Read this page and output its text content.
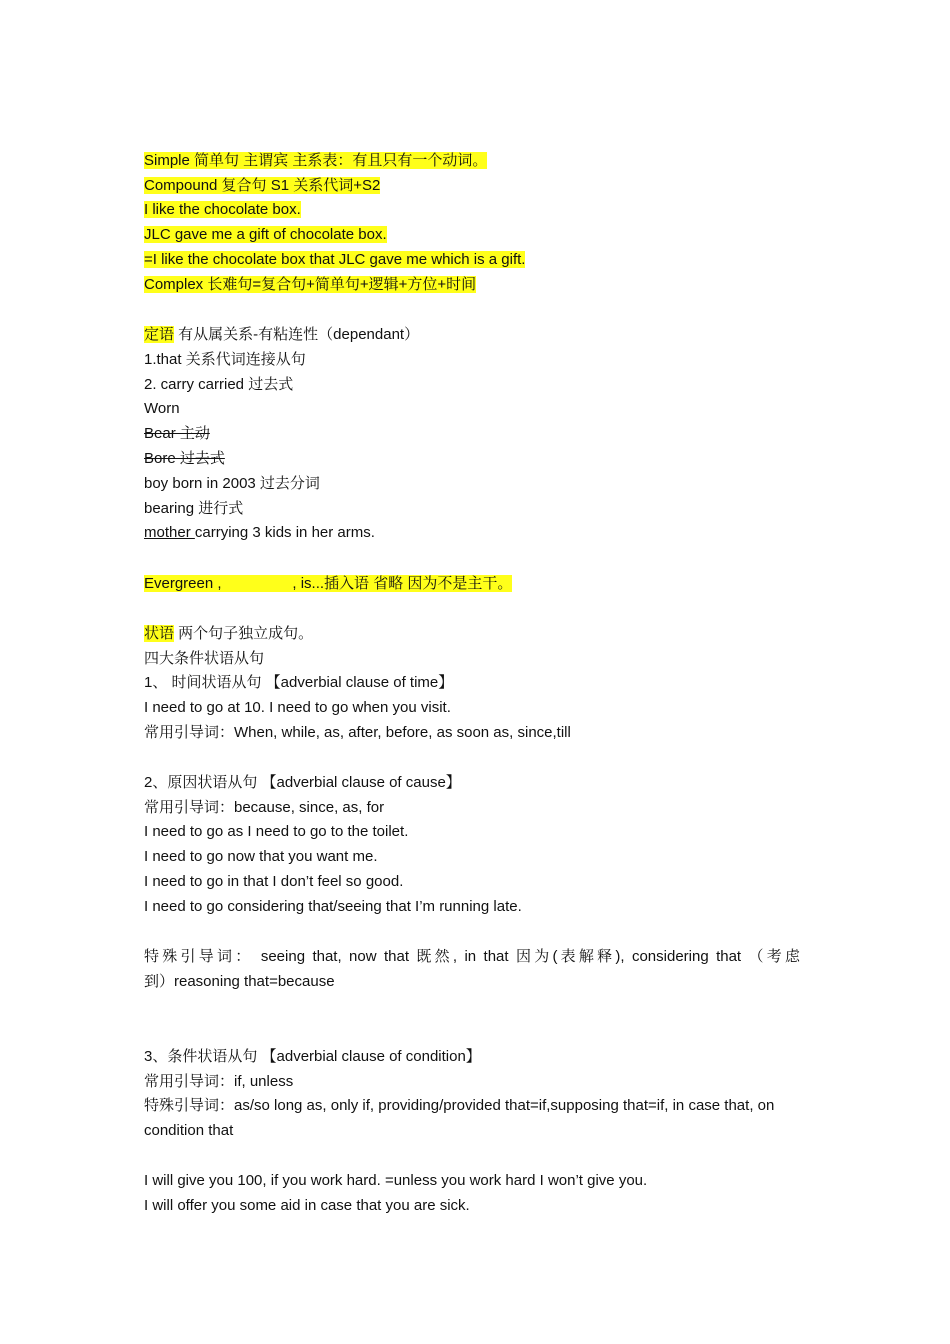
Simple 简单句 主谓宾 主系表：有且只有一个动词。
Compound 复合句 S1 关系代词+S2
I like the chocolate box.
JLC gave me a gift of chocolate box.
=I like the chocolate box that JLC gave me which is a gift.
Complex 长难句=复合句+简单句+逻辑+方位+时间
定语 有从属关系-有粘连性（dependant）
1.that 关系代词连接从句
2. carry carried 过去式
Worn
Bear 主动
Bore 过去式
boy born in 2003 过去分词
bearing 进行式
mother carrying 3 kids in her arms.
Evergreen ,                 , is...插入语 省略 因为不是主干。
状语 两个句子独立成句。
四大条件状语从句
1、 时间状语从句 【adverbial clause of time】
I need to go at 10. I need to go when you visit.
常用引导词：When, while, as, after, before, as soon as, since,till
2、原因状语从句 【adverbial clause of cause】
常用引导词：because, since, as, for
I need to go as I need to go to the toilet.
I need to go now that you want me.
I need to go in that I don’t feel so good.
I need to go considering that/seeing that I’m running late.
特殊引导词： seeing that, now that 既然, in that 因为(表解释), considering that （考虑
到）reasoning that=because
3、条件状语从句 【adverbial clause of condition】
常用引导词：if, unless
特殊引导词：as/so long as, only if, providing/provided that=if,supposing that=if, in case that, on
condition that
I will give you 100, if you work hard. =unless you work hard I won’t give you.
I will offer you some aid in case that you are sick.
